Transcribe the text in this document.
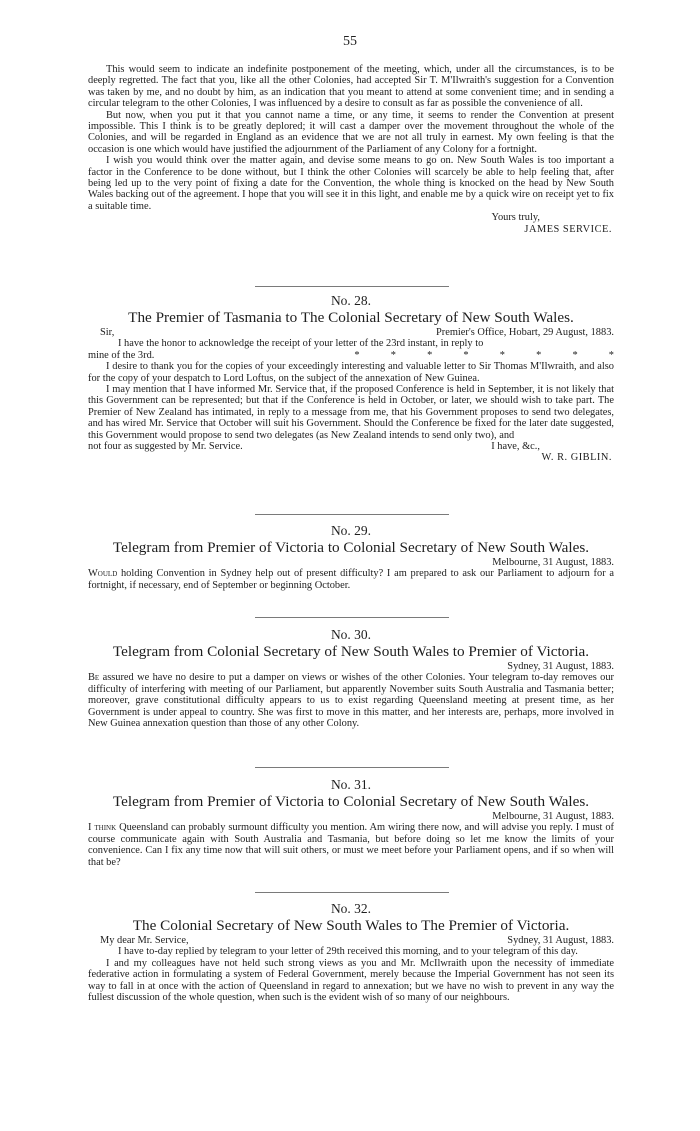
55

This would seem to indicate an indefinite postponement of the meeting, which, under all the circumstances, is to be deeply regretted. The fact that you, like all the other Colonies, had accepted Sir T. M'Ilwraith's suggestion for a Convention was taken by me, and no doubt by him, as an indication that you meant to attend at some convenient time; and in sending a circular telegram to the other Colonies, I was influenced by a desire to consult as far as possible the convenience of all.

But now, when you put it that you cannot name a time, or any time, it seems to render the Convention at present impossible. This I think is to be greatly deplored; it will cast a damper over the movement throughout the whole of the Colonies, and will be regarded in England as an evidence that we are not all truly in earnest. My own feeling is that the occasion is one which would have justified the adjournment of the Parliament of any Colony for a fortnight.

I wish you would think over the matter again, and devise some means to go on. New South Wales is too important a factor in the Conference to be done without, but I think the other Colonies will scarcely be able to help feeling that, after being led up to the very point of fixing a date for the Convention, the whole thing is knocked on the head by New South Wales backing out of the agreement. I hope that you will see it in this light, and enable me by a quick wire on receipt yet to fix a suitable time.

Yours truly,

JAMES SERVICE.

No. 28.
The Premier of Tasmania to The Colonial Secretary of New South Wales.
Sir,	Premier's Office, Hobart, 29 August, 1883.

I have the honor to acknowledge the receipt of your letter of the 23rd instant, in reply to

mine of the 3rd.	*	*	*	*	*	*	*	*

I desire to thank you for the copies of your exceedingly interesting and valuable letter to Sir Thomas M'Ilwraith, and also for the copy of your despatch to Lord Loftus, on the subject of the annexation of New Guinea.

I may mention that I have informed Mr. Service that, if the proposed Conference is held in September, it is not likely that this Government can be represented; but that if the Conference is held in October, or later, we should wish to take part. The Premier of New Zealand has intimated, in reply to a message from me, that his Government proposes to send two delegates, and has wired Mr. Service that October will suit his Government. Should the Conference be fixed for the later date suggested, this Government would propose to send two delegates (as New Zealand intends to send only two), and

not four as suggested by Mr. Service.	I have, &c.,

W. R. GIBLIN.

No. 29.
Telegram from Premier of Victoria to Colonial Secretary of New South Wales.

Melbourne, 31 August, 1883.

Would holding Convention in Sydney help out of present difficulty? I am prepared to ask our Parliament to adjourn for a fortnight, if necessary, end of September or beginning October.

No. 30.
Telegram from Colonial Secretary of New South Wales to Premier of Victoria.

Sydney, 31 August, 1883.

Be assured we have no desire to put a damper on views or wishes of the other Colonies. Your telegram to-day removes our difficulty of interfering with meeting of our Parliament, but apparently November suits South Australia and Tasmania better; moreover, grave constitutional difficulty appears to us to exist regarding Queensland meeting at present time, as her Government is under appeal to country. She was first to move in this matter, and her interests are, perhaps, more involved in New Guinea annexation question than those of any other Colony.

No. 31.
Telegram from Premier of Victoria to Colonial Secretary of New South Wales.

Melbourne, 31 August, 1883.

I think Queensland can probably surmount difficulty you mention. Am wiring there now, and will advise you reply. I must of course communicate again with South Australia and Tasmania, but before doing so let me know the limits of your convenience. Can I fix any time now that will suit others, or must we meet before your Parliament opens, and if so when will that be?

No. 32.
The Colonial Secretary of New South Wales to The Premier of Victoria.
My dear Mr. Service,	Sydney, 31 August, 1883.

I have to-day replied by telegram to your letter of 29th received this morning, and to your telegram of this day.

I and my colleagues have not held such strong views as you and Mr. McIlwraith upon the necessity of immediate federative action in formulating a system of Federal Government, merely because the Imperial Government has not seen its way to fall in at once with the action of Queensland in regard to annexation; but we have no wish to prevent in any way the fullest discussion of the whole question, when such is the evident wish of so many of our neighbours.
